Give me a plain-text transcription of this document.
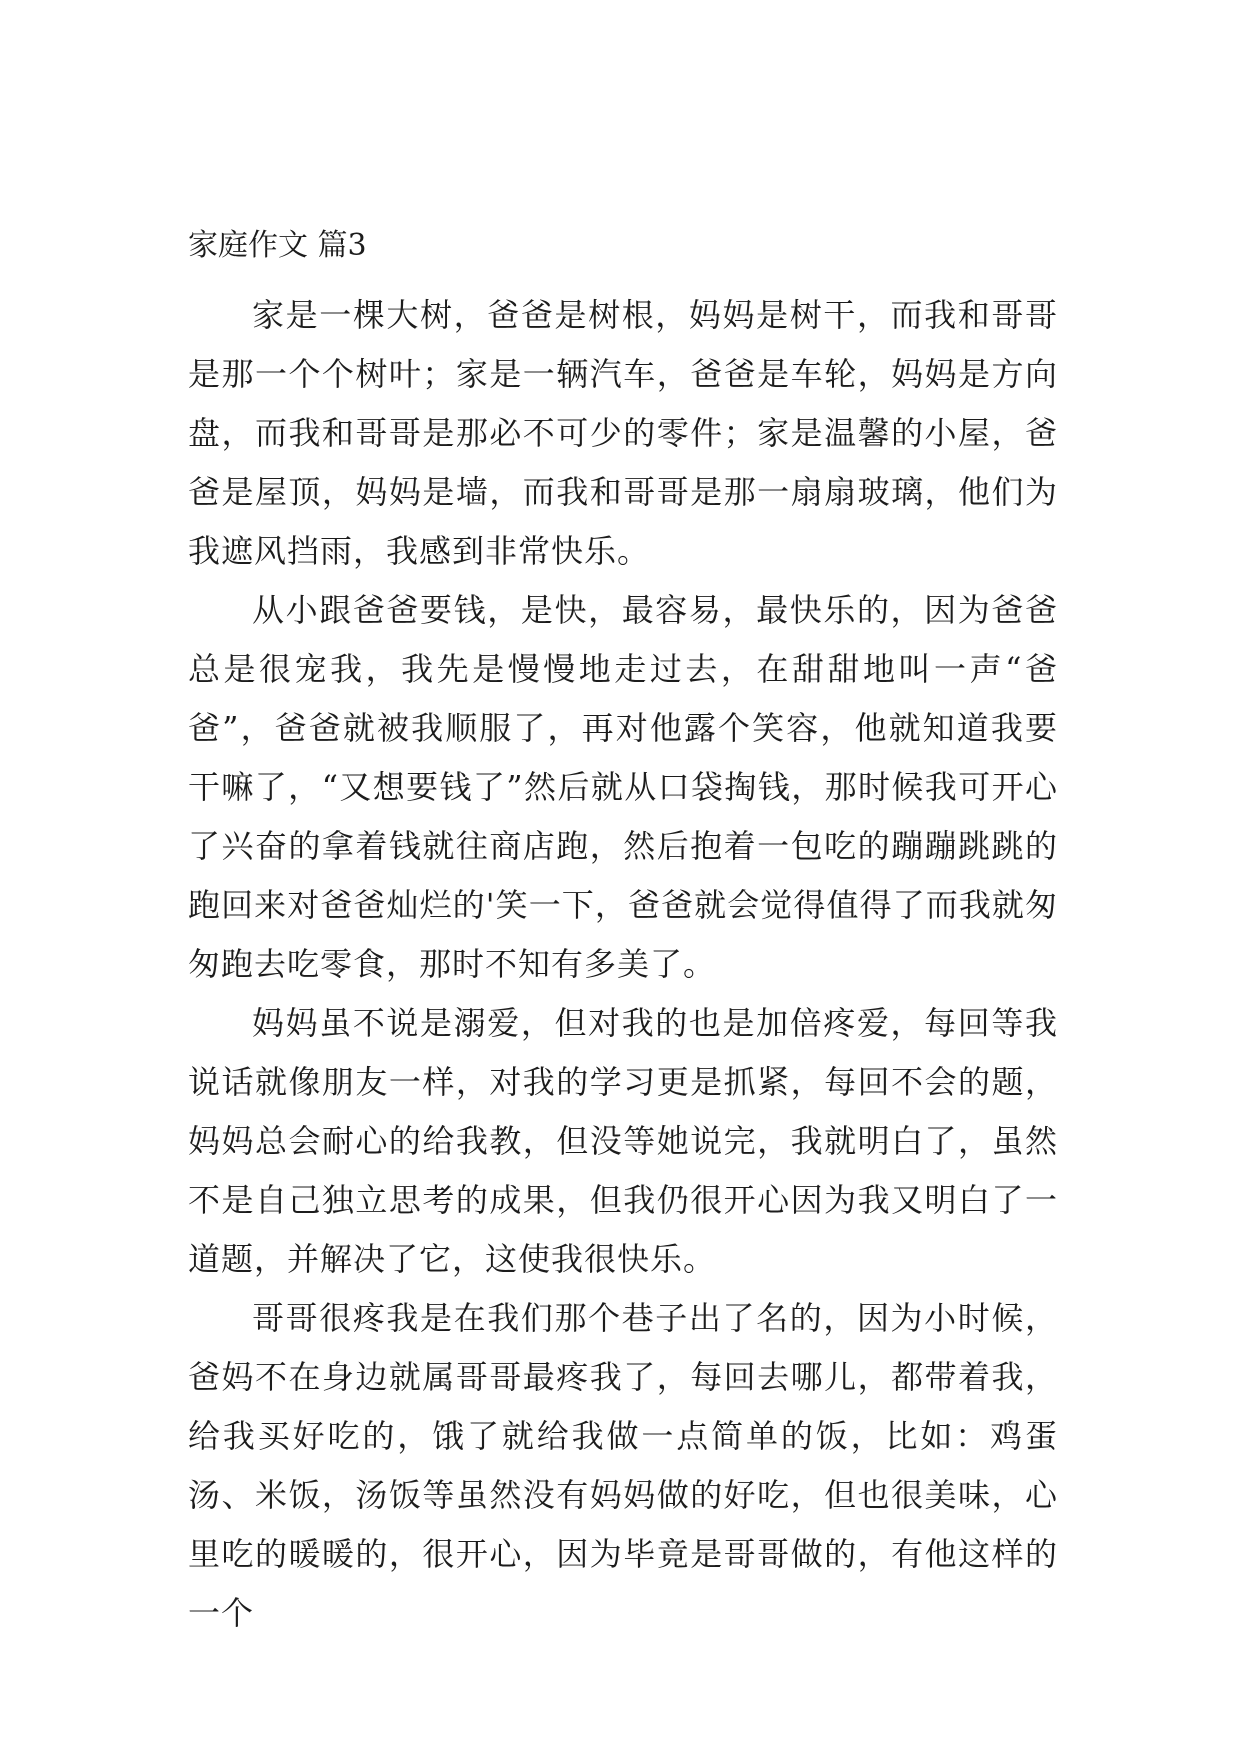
家庭作文 篇3

家是一棵大树，爸爸是树根，妈妈是树干，而我和哥哥是那一个个树叶；家是一辆汽车，爸爸是车轮，妈妈是方向盘，而我和哥哥是那必不可少的零件；家是温馨的小屋，爸爸是屋顶，妈妈是墙，而我和哥哥是那一扇扇玻璃，他们为我遮风挡雨，我感到非常快乐。

从小跟爸爸要钱，是快，最容易，最快乐的，因为爸爸总是很宠我，我先是慢慢地走过去，在甜甜地叫一声“爸爸”，爸爸就被我顺服了，再对他露个笑容，他就知道我要干嘛了，“又想要钱了”然后就从口袋掏钱，那时候我可开心了兴奋的拿着钱就往商店跑，然后抱着一包吃的蹦蹦跳跳的跑回来对爸爸灿烂的'笑一下，爸爸就会觉得值得了而我就匆匆跑去吃零食，那时不知有多美了。

妈妈虽不说是溺爱，但对我的也是加倍疼爱，每回等我说话就像朋友一样，对我的学习更是抓紧，每回不会的题，妈妈总会耐心的给我教，但没等她说完，我就明白了，虽然不是自己独立思考的成果，但我仍很开心因为我又明白了一道题，并解决了它，这使我很快乐。

哥哥很疼我是在我们那个巷子出了名的，因为小时候，爸妈不在身边就属哥哥最疼我了，每回去哪儿，都带着我，给我买好吃的，饿了就给我做一点简单的饭，比如：鸡蛋汤、米饭，汤饭等虽然没有妈妈做的好吃，但也很美味，心里吃的暖暖的，很开心，因为毕竟是哥哥做的，有他这样的一个
